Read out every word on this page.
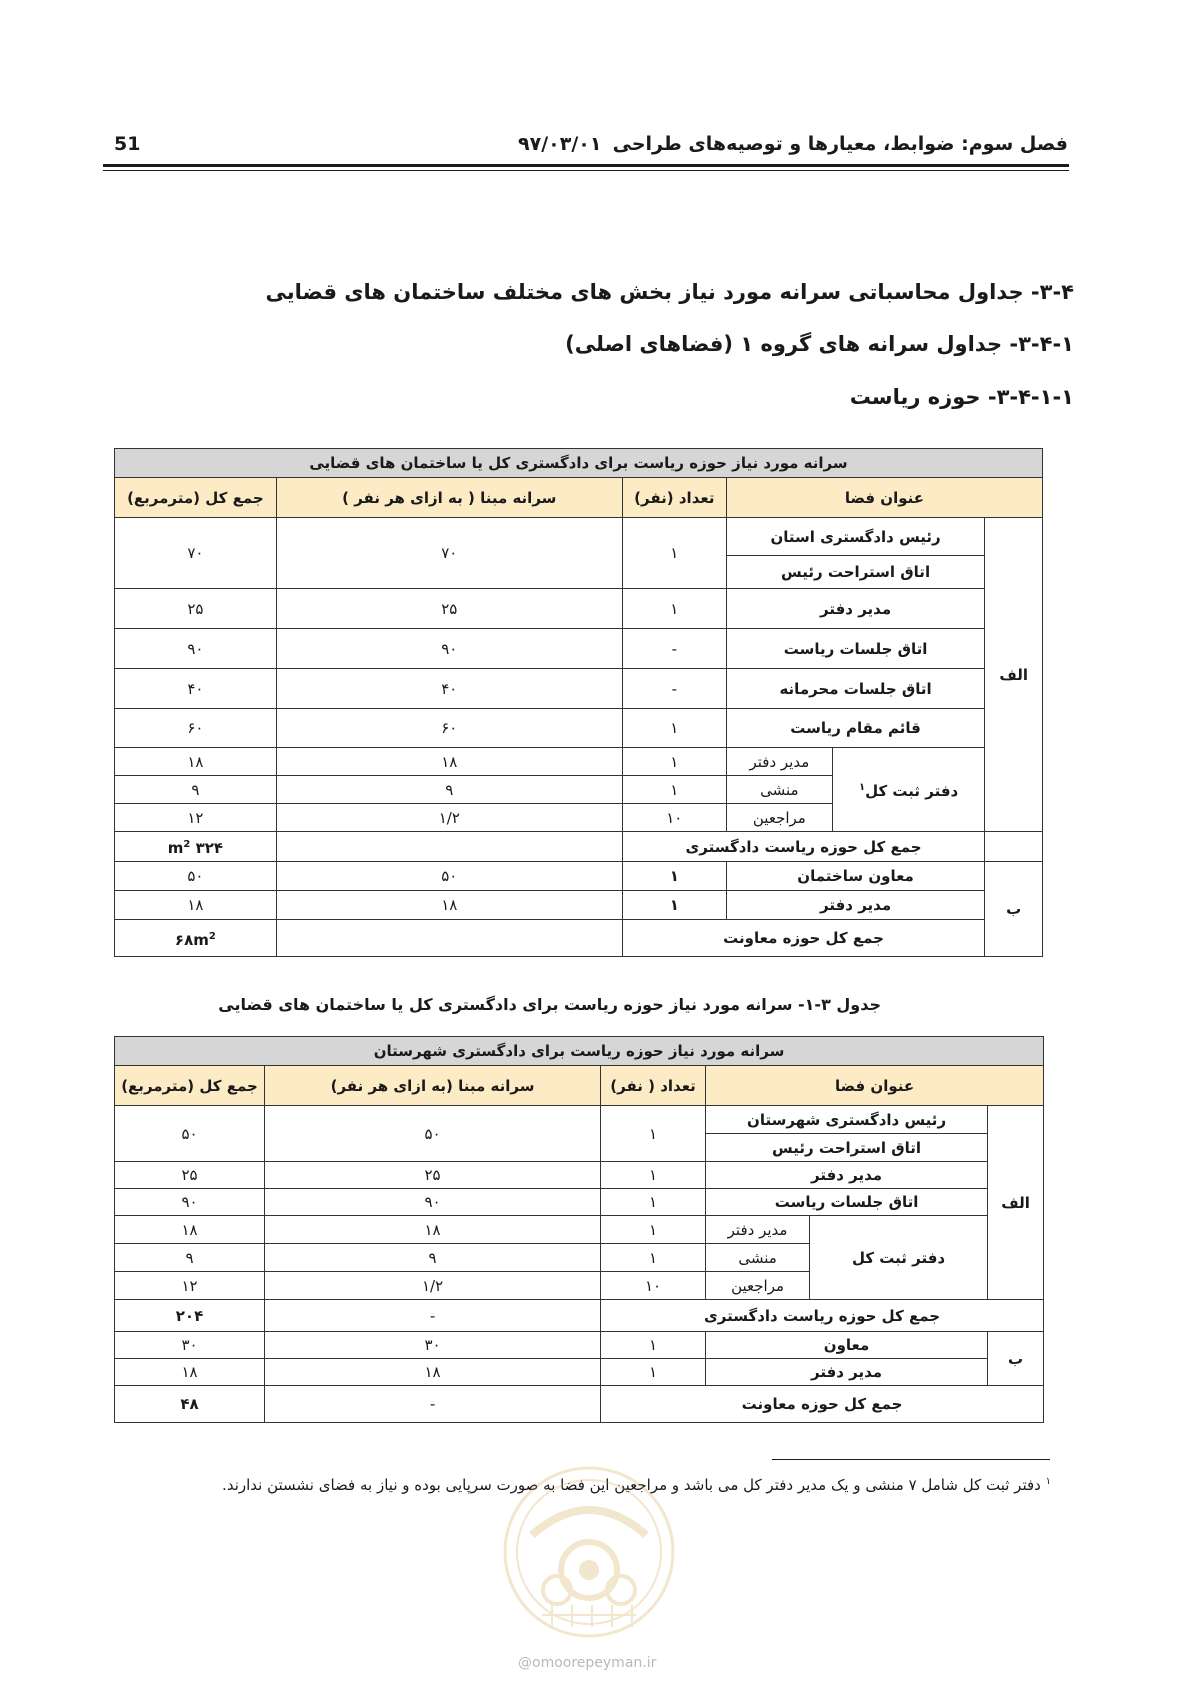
فصل سوم: ضوابط، معیارها و توصیه‌های طراحی
۹۷/۰۳/۰۱
51
۳-۴- جداول محاسباتی سرانه مورد نیاز بخش های مختلف ساختمان های قضایی
۳-۴-۱- جداول سرانه های گروه ۱ (فضاهای اصلی)
۳-۴-۱-۱- حوزه ریاست
سرانه مورد نیاز حوزه ریاست برای دادگستری کل یا ساختمان های قضایی					
عنوان فضا			تعداد (نفر)	سرانه مبنا ( به ازای هر نفر )	جمع کل (مترمربع)
الف	رئیس دادگستری استان		۱	۷۰	۷۰
	اتاق استراحت رئیس				
	مدیر دفتر		۱	۲۵	۲۵
	اتاق جلسات ریاست		-	۹۰	۹۰
	اتاق جلسات محرمانه		-	۴۰	۴۰
	قائم مقام ریاست		۱	۶۰	۶۰
	دفتر ثبت کل$^۱$	مدیر دفتر	۱	۱۸	۱۸
		منشی	۱	۹	۹
		مراجعین	۱۰	۱/۲	۱۲
	جمع کل حوزه ریاست دادگستری				۳۲۴ $m^2$
ب	معاون ساختمان		۱	۵۰	۵۰
	مدیر دفتر		۱	۱۸	۱۸
	جمع کل حوزه معاونت				$۶۸m^2$
جدول ۳-۱- سرانه مورد نیاز حوزه ریاست برای دادگستری کل یا ساختمان های قضایی
سرانه مورد نیاز حوزه ریاست برای دادگستری شهرستان					
عنوان فضا			تعداد ( نفر)	سرانه مبنا (به ازای هر نفر)	جمع کل (مترمربع)
الف	رئیس دادگستری شهرستان		۱	۵۰	۵۰
	اتاق استراحت رئیس				
	مدیر دفتر		۱	۲۵	۲۵
	اتاق جلسات ریاست		۱	۹۰	۹۰
	دفتر ثبت کل	مدیر دفتر	۱	۱۸	۱۸
		منشی	۱	۹	۹
		مراجعین	۱۰	۱/۲	۱۲
جمع کل حوزه ریاست دادگستری				-	۲۰۴
ب	معاون		۱	۳۰	۳۰
	مدیر دفتر		۱	۱۸	۱۸
جمع کل حوزه معاونت				-	۴۸
$^۱$ دفتر ثبت کل شامل ۷ منشی و یک مدیر دفتر کل می باشد و مراجعین این فضا به صورت سرپایی بوده و نیاز به فضای نشستن ندارند.
@omoorepeyman.ir
